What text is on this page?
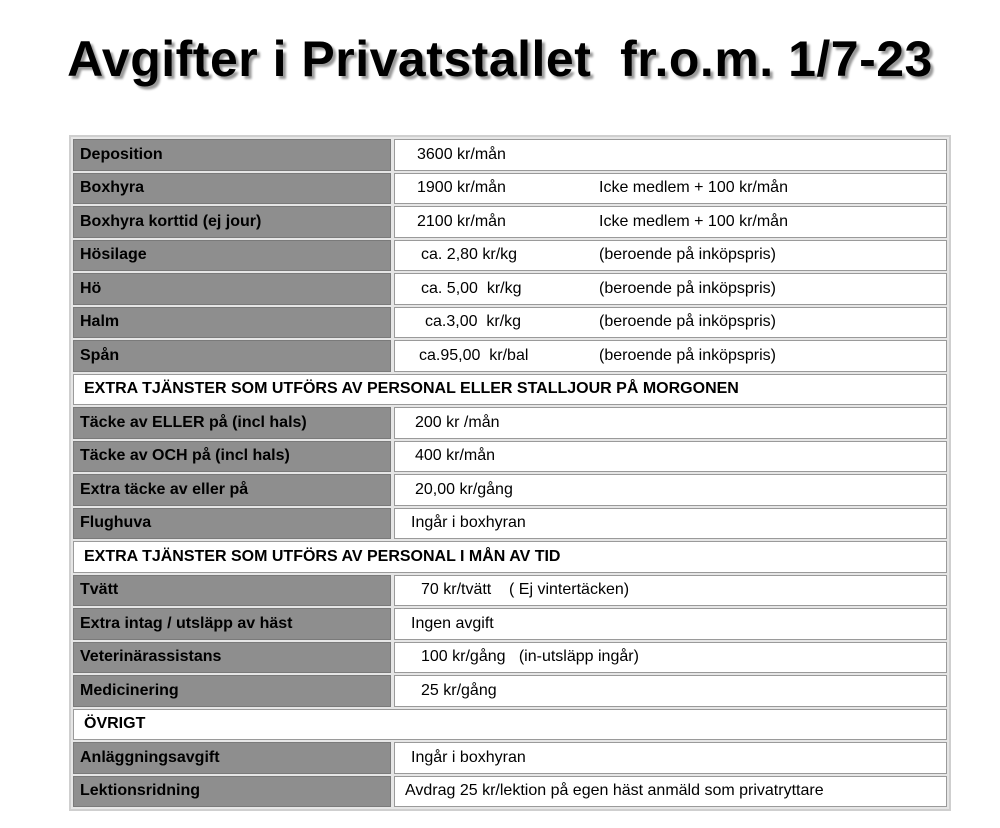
Avgifter i Privatstallet  fr.o.m. 1/7-23
Deposition	3600 kr/mån
Boxhyra	1900 kr/mån	Icke medlem + 100 kr/mån
Boxhyra korttid (ej jour)	2100 kr/mån	Icke medlem + 100 kr/mån
Hösilage	ca. 2,80 kr/kg	(beroende på inköpspris)
Hö	ca. 5,00  kr/kg	(beroende på inköpspris)
Halm	ca.3,00  kr/kg	(beroende på inköpspris)
Spån	ca.95,00  kr/bal	(beroende på inköpspris)
EXTRA TJÄNSTER SOM UTFÖRS AV PERSONAL ELLER STALLJOUR PÅ MORGONEN
Täcke av ELLER på (incl hals)	200 kr /mån
Täcke av OCH på (incl hals)	400 kr/mån
Extra täcke av eller på	20,00 kr/gång
Flughuva	Ingår i boxhyran
EXTRA TJÄNSTER SOM UTFÖRS AV PERSONAL I MÅN AV TID
Tvätt	70 kr/tvätt    ( Ej vintertäcken)
Extra intag / utsläpp av häst	Ingen avgift
Veterinärassistans	100 kr/gång   (in-utsläpp ingår)
Medicinering	25 kr/gång
ÖVRIGT
Anläggningsavgift	Ingår i boxhyran
Lektionsridning	Avdrag 25 kr/lektion på egen häst anmäld som privatryttare
